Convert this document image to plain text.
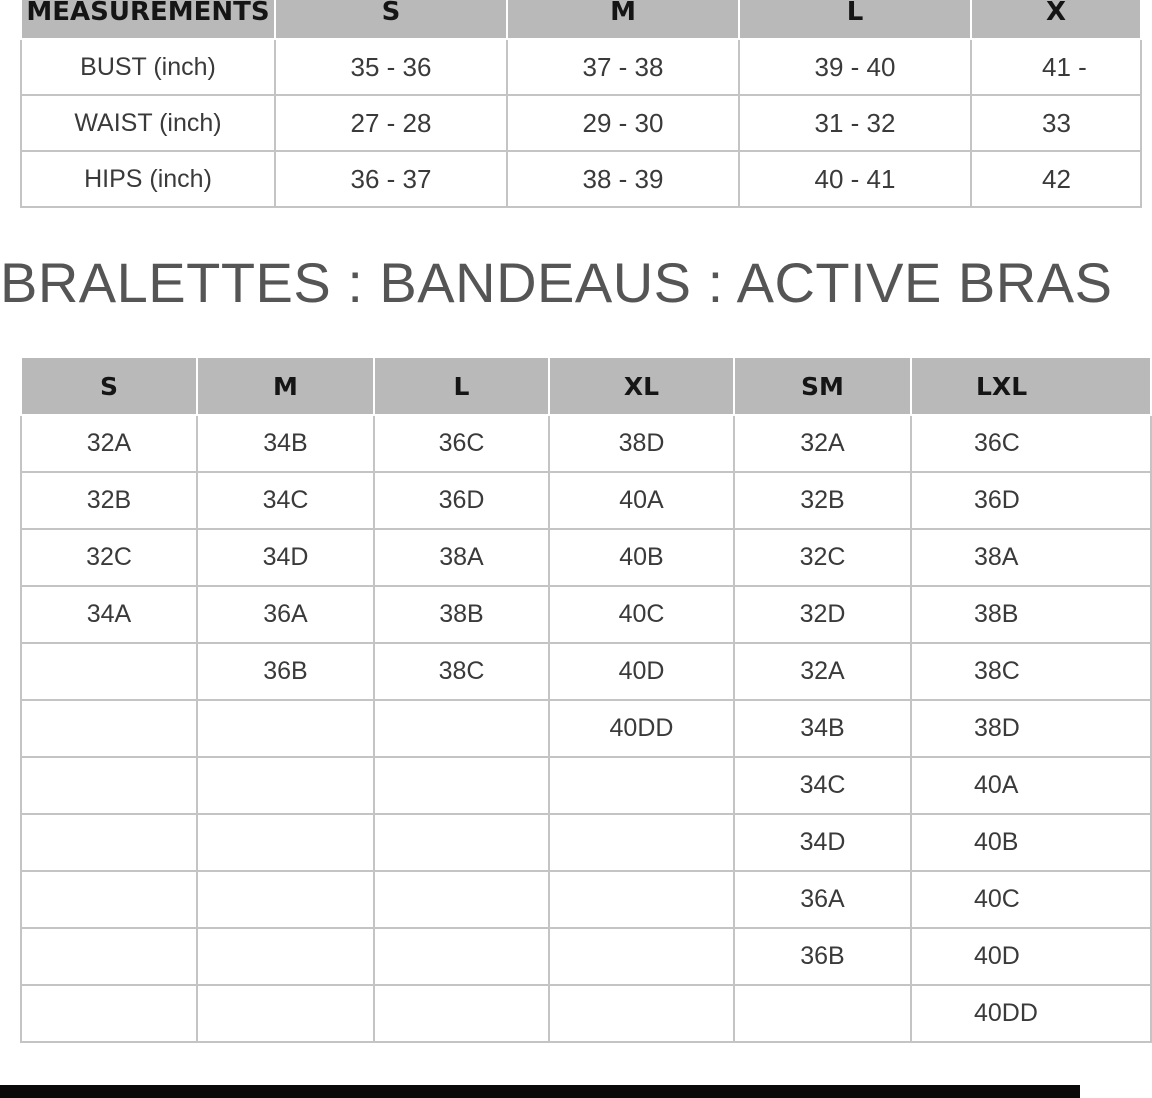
MEASUREMENTS	S	M	L	X
BUST (inch)	35 - 36	37 - 38	39 - 40	41 -
WAIST (inch)	27 - 28	29 - 30	31 - 32	33
HIPS (inch)	36 - 37	38 - 39	40 - 41	42
BRALETTES : BANDEAUS : ACTIVE BRAS
S	M	L	XL	SM	LXL
32A	34B	36C	38D	32A	36C
32B	34C	36D	40A	32B	36D
32C	34D	38A	40B	32C	38A
34A	36A	38B	40C	32D	38B
	36B	38C	40D	32A	38C
			40DD	34B	38D
				34C	40A
				34D	40B
				36A	40C
				36B	40D
					40DD
